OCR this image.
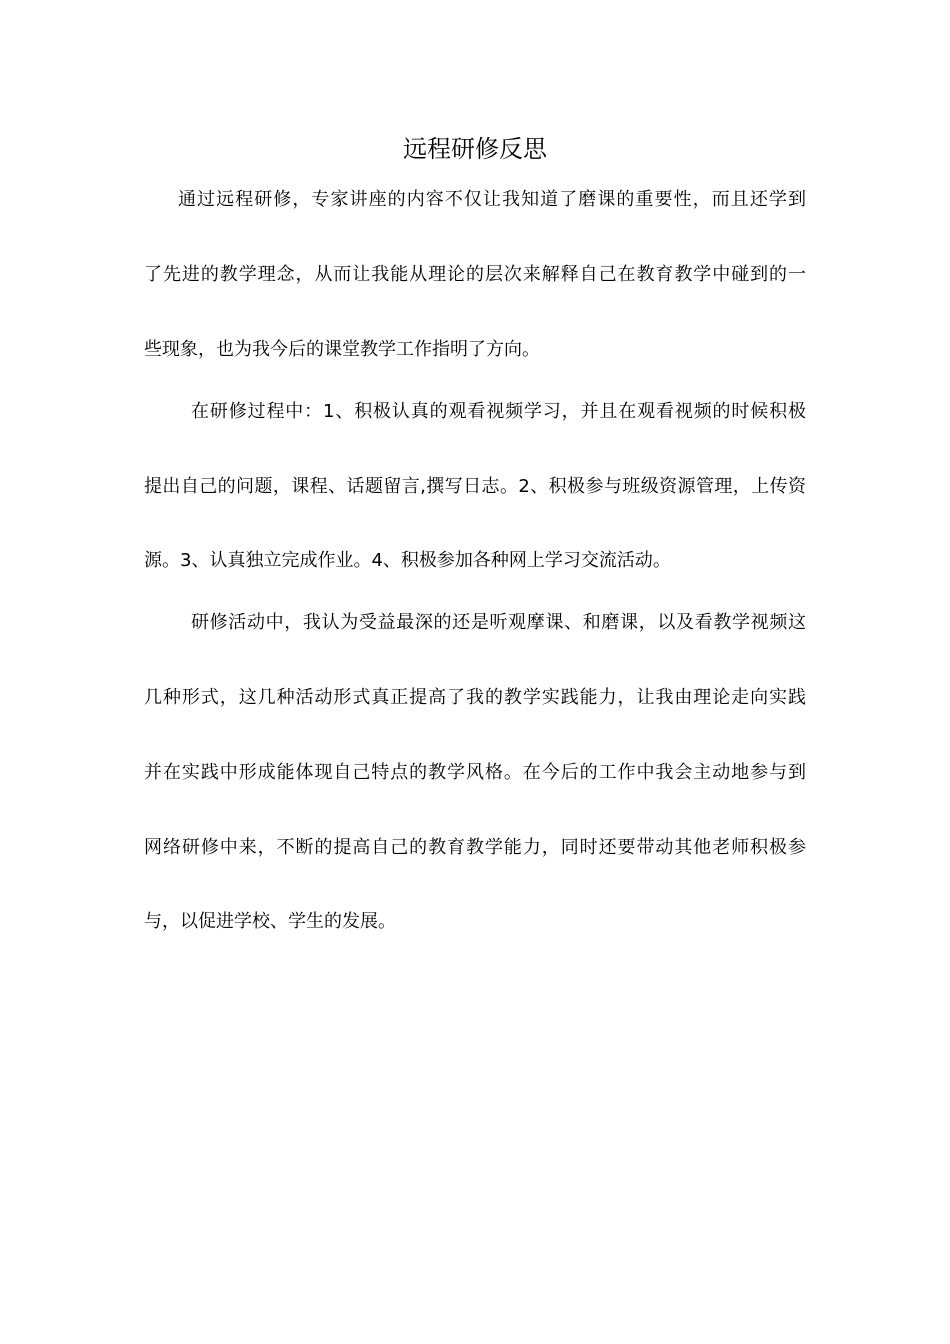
远程研修反思

通过远程研修，专家讲座的内容不仅让我知道了磨课的重要性，而且还学到

了先进的教学理念，从而让我能从理论的层次来解释自己在教育教学中碰到的一

些现象，也为我今后的课堂教学工作指明了方向。

在研修过程中：1、积极认真的观看视频学习，并且在观看视频的时候积极

提出自己的问题，课程、话题留言,撰写日志。2、积极参与班级资源管理，上传资

源。3、认真独立完成作业。4、积极参加各种网上学习交流活动。

研修活动中，我认为受益最深的还是听观摩课、和磨课，以及看教学视频这

几种形式，这几种活动形式真正提高了我的教学实践能力，让我由理论走向实践

并在实践中形成能体现自己特点的教学风格。在今后的工作中我会主动地参与到

网络研修中来，不断的提高自己的教育教学能力，同时还要带动其他老师积极参

与，以促进学校、学生的发展。
